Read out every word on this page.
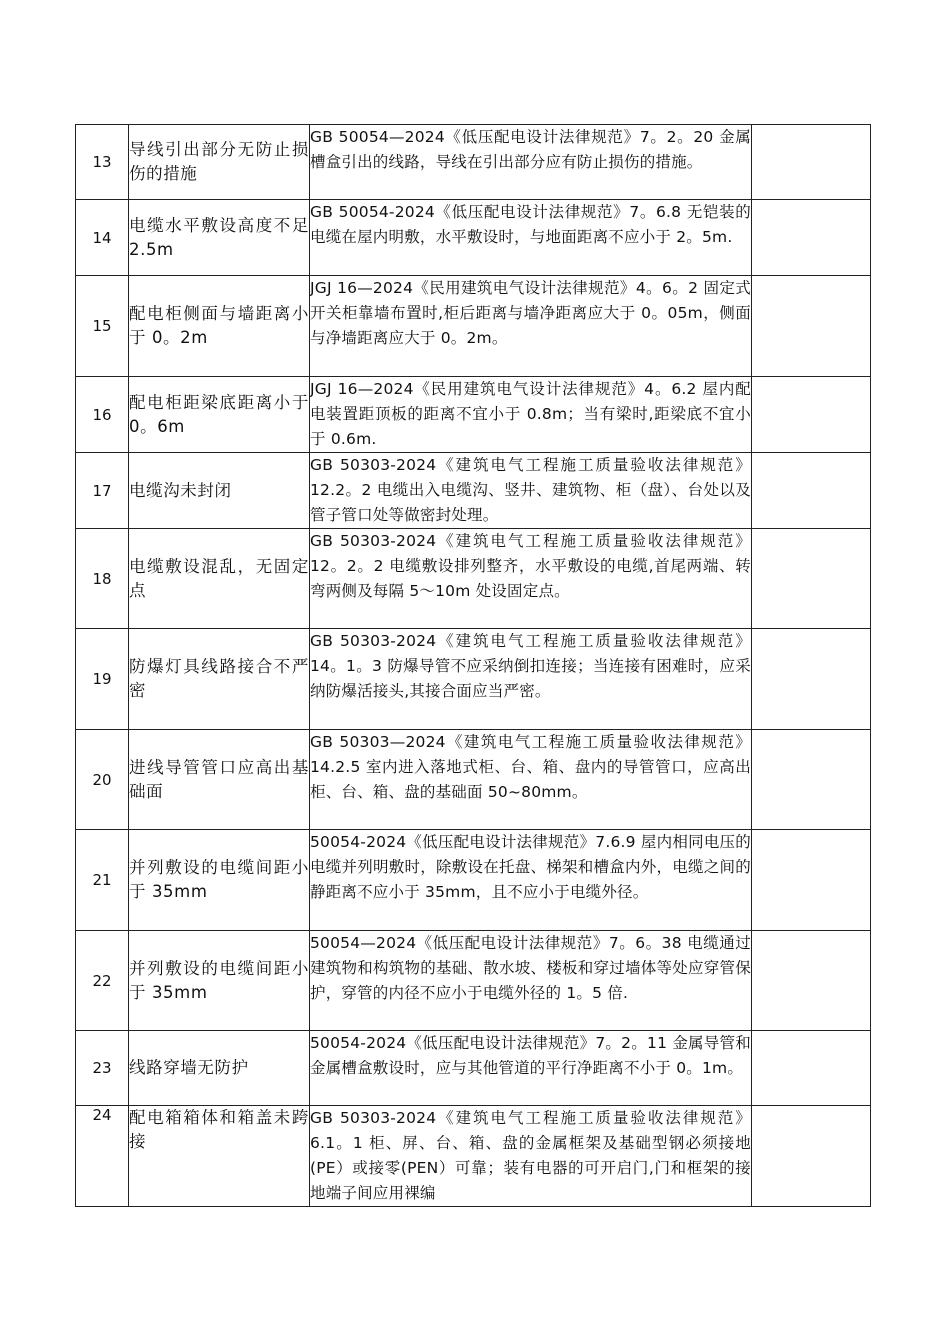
13	导线引出部分无防止损伤的措施	GB 50054—2024《低压配电设计法律规范》7。2。20 金属槽盒引出的线路，导线在引出部分应有防止损伤的措施。	
14	电缆水平敷设高度不足 2.5m	GB 50054-2024《低压配电设计法律规范》7。6.8 无铠装的电缆在屋内明敷，水平敷设时，与地面距离不应小于 2。5m.	
15	配电柜侧面与墙距离小于 0。2m	JGJ 16—2024《民用建筑电气设计法律规范》4。6。2 固定式开关柜靠墙布置时,柜后距离与墙净距离应大于 0。05m，侧面与净墙距离应大于 0。2m。	
16	配电柜距梁底距离小于 0。6m	JGJ 16—2024《民用建筑电气设计法律规范》4。6.2 屋内配电装置距顶板的距离不宜小于 0.8m；当有梁时,距梁底不宜小于 0.6m.	
17	电缆沟未封闭	GB 50303-2024《建筑电气工程施工质量验收法律规范》12.2。2 电缆出入电缆沟、竖井、建筑物、柜（盘）、台处以及管子管口处等做密封处理。	
18	电缆敷设混乱，无固定点	GB 50303-2024《建筑电气工程施工质量验收法律规范》12。2。2 电缆敷设排列整齐，水平敷设的电缆,首尾两端、转弯两侧及每隔 5～10m 处设固定点。	
19	防爆灯具线路接合不严密	GB 50303-2024《建筑电气工程施工质量验收法律规范》14。1。3 防爆导管不应采纳倒扣连接；当连接有困难时，应采纳防爆活接头,其接合面应当严密。	
20	进线导管管口应高出基础面	GB 50303—2024《建筑电气工程施工质量验收法律规范》14.2.5 室内进入落地式柜、台、箱、盘内的导管管口，应高出柜、台、箱、盘的基础面 50~80mm。	
21	并列敷设的电缆间距小于 35mm	50054-2024《低压配电设计法律规范》7.6.9 屋内相同电压的电缆并列明敷时，除敷设在托盘、梯架和槽盒内外，电缆之间的静距离不应小于 35mm，且不应小于电缆外径。	
22	并列敷设的电缆间距小于 35mm	50054—2024《低压配电设计法律规范》7。6。38 电缆通过建筑物和构筑物的基础、散水坡、楼板和穿过墙体等处应穿管保护，穿管的内径不应小于电缆外径的 1。5 倍.	
23	线路穿墙无防护	50054-2024《低压配电设计法律规范》7。2。11 金属导管和金属槽盒敷设时，应与其他管道的平行净距离不小于 0。1m。	
24	配电箱箱体和箱盖未跨接	GB 50303-2024《建筑电气工程施工质量验收法律规范》6.1。1 柜、屏、台、箱、盘的金属框架及基础型钢必须接地(PE）或接零(PEN）可靠；装有电器的可开启门,门和框架的接地端子间应用裸编	
